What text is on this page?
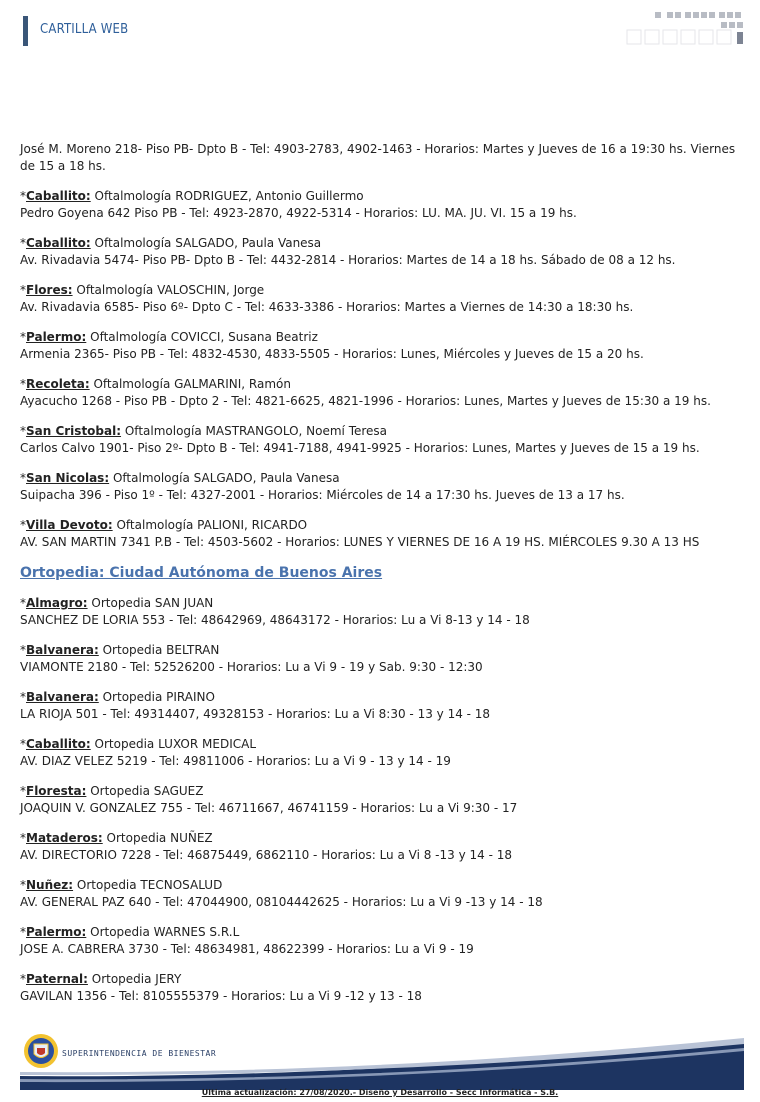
CARTILLA WEB

José M. Moreno 218- Piso PB- Dpto B - Tel: 4903-2783, 4902-1463 - Horarios: Martes y Jueves de 16 a 19:30 hs. Viernes de 15 a 18 hs.

*Caballito: Oftalmología RODRIGUEZ, Antonio Guillermo

Pedro Goyena 642 Piso PB - Tel: 4923-2870, 4922-5314 - Horarios: LU. MA. JU. VI. 15 a 19 hs.

*Caballito: Oftalmología SALGADO, Paula Vanesa

Av. Rivadavia 5474- Piso PB- Dpto B - Tel: 4432-2814 - Horarios: Martes de 14 a 18 hs. Sábado de 08 a 12 hs.

*Flores: Oftalmología VALOSCHIN, Jorge

Av. Rivadavia 6585- Piso 6º- Dpto C - Tel: 4633-3386 - Horarios: Martes a Viernes de 14:30 a 18:30 hs.

*Palermo: Oftalmología COVICCI, Susana Beatriz

Armenia 2365- Piso PB - Tel: 4832-4530, 4833-5505 - Horarios: Lunes, Miércoles y Jueves de 15 a 20 hs.

*Recoleta: Oftalmología GALMARINI, Ramón

Ayacucho 1268 - Piso PB - Dpto 2 - Tel: 4821-6625, 4821-1996 - Horarios: Lunes, Martes y Jueves de 15:30 a 19 hs.

*San Cristobal: Oftalmología MASTRANGOLO, Noemí Teresa

Carlos Calvo 1901- Piso 2º- Dpto B - Tel: 4941-7188, 4941-9925 - Horarios: Lunes, Martes y Jueves de 15 a 19 hs.

*San Nicolas: Oftalmología SALGADO, Paula Vanesa

Suipacha 396 - Piso 1º - Tel: 4327-2001 - Horarios: Miércoles de 14 a 17:30 hs. Jueves de 13 a 17 hs.

*Villa Devoto: Oftalmología PALIONI, RICARDO

AV. SAN MARTIN 7341 P.B - Tel: 4503-5602 - Horarios: LUNES Y VIERNES DE 16 A 19 HS. MIÉRCOLES 9.30 A 13 HS

Ortopedia: Ciudad Autónoma de Buenos Aires

*Almagro: Ortopedia SAN JUAN

SANCHEZ DE LORIA 553 - Tel: 48642969, 48643172 - Horarios: Lu a Vi 8-13 y 14 - 18

*Balvanera: Ortopedia BELTRAN

VIAMONTE 2180 - Tel: 52526200 - Horarios: Lu a Vi 9 - 19 y Sab. 9:30 - 12:30

*Balvanera: Ortopedia PIRAINO

LA RIOJA 501 - Tel: 49314407, 49328153 - Horarios: Lu a Vi 8:30 - 13 y 14 - 18

*Caballito: Ortopedia LUXOR MEDICAL

AV. DIAZ VELEZ 5219 - Tel: 49811006 - Horarios: Lu a Vi 9 - 13 y 14 - 19

*Floresta: Ortopedia SAGUEZ

JOAQUIN V. GONZALEZ 755 - Tel: 46711667, 46741159 - Horarios: Lu a Vi 9:30 - 17

*Mataderos: Ortopedia NUÑEZ

AV. DIRECTORIO 7228 - Tel: 46875449, 6862110 - Horarios: Lu a Vi 8 -13 y 14 - 18

*Nuñez: Ortopedia TECNOSALUD

AV. GENERAL PAZ 640 - Tel: 47044900, 08104442625 - Horarios: Lu a Vi 9 -13 y 14 - 18

*Palermo: Ortopedia WARNES S.R.L

JOSE A. CABRERA 3730 - Tel: 48634981, 48622399 - Horarios: Lu a Vi 9 - 19

*Paternal: Ortopedia JERY

GAVILAN 1356 - Tel: 8105555379 - Horarios: Lu a Vi 9 -12 y 13 - 18

SUPERINTENDENCIA DE BIENESTAR
Ultima actualización: 27/08/2020.- Diseño y Desarrollo - Secc Informática - S.B.
